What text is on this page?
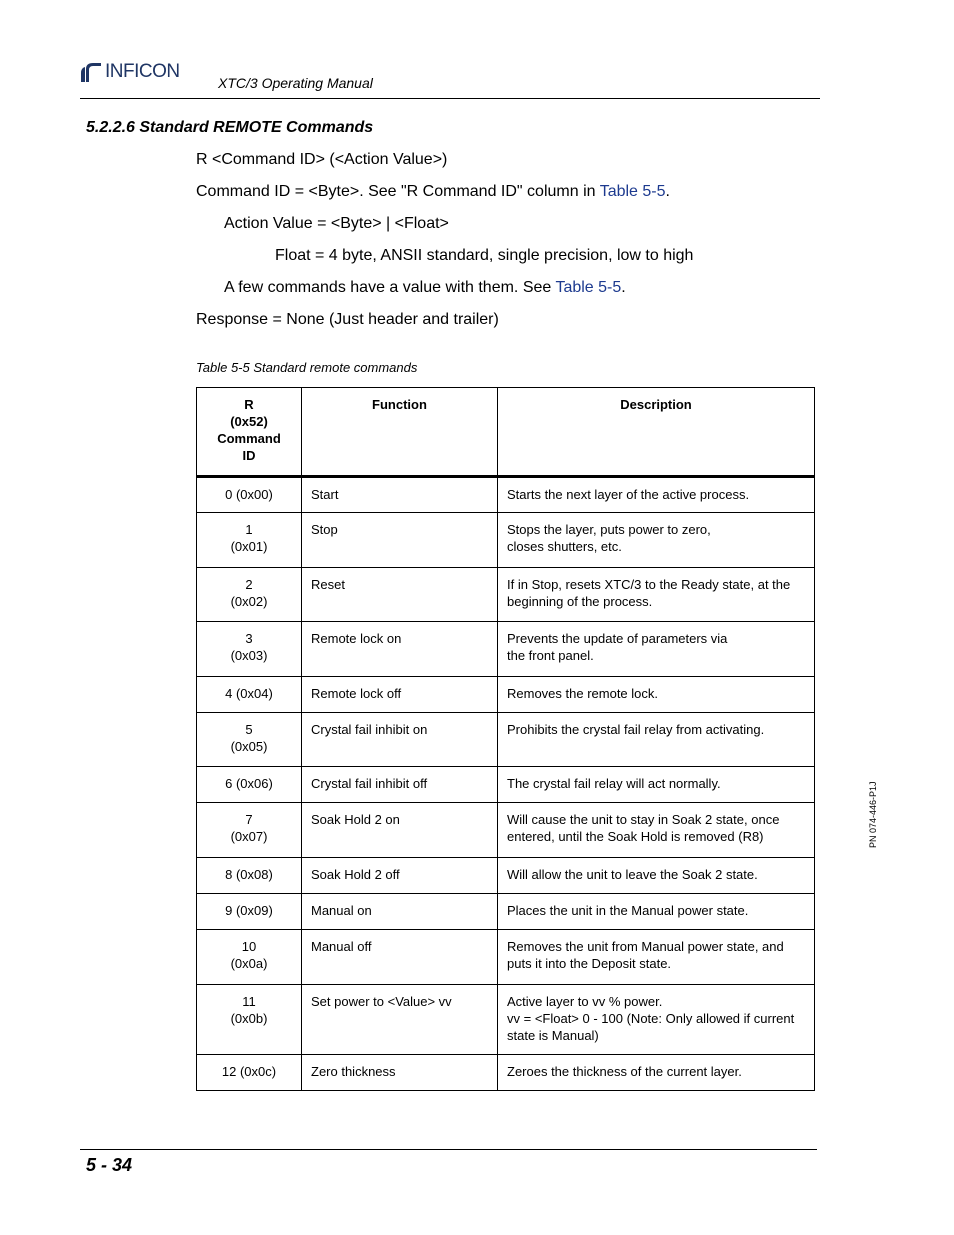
INFICON
XTC/3 Operating Manual
5.2.2.6 Standard REMOTE Commands
R <Command ID> (<Action Value>)
Command ID = <Byte>. See "R Command ID" column in Table 5-5.
Action Value = <Byte> | <Float>
Float = 4 byte, ANSII standard, single precision, low to high
A few commands have a value with them. See Table 5-5.
Response = None (Just header and trailer)
Table 5-5 Standard remote commands
R
(0x52)
Command
ID	Function	Description
0 (0x00)	Start	Starts the next layer of the active process.
1
(0x01)	Stop	Stops the layer, puts power to zero,
closes shutters, etc.
2
(0x02)	Reset	If in Stop, resets XTC/3 to the Ready state, at the beginning of the process.
3
(0x03)	Remote lock on	Prevents the update of parameters via
the front panel.
4 (0x04)	Remote lock off	Removes the remote lock.
5
(0x05)	Crystal fail inhibit on	Prohibits the crystal fail relay from activating.
6 (0x06)	Crystal fail inhibit off	The crystal fail relay will act normally.
7
(0x07)	Soak Hold 2 on	Will cause the unit to stay in Soak 2 state, once entered, until the Soak Hold is removed (R8)
8 (0x08)	Soak Hold 2 off	Will allow the unit to leave the Soak 2 state.
9 (0x09)	Manual on	Places the unit in the Manual power state.
10
(0x0a)	Manual off	Removes the unit from Manual power state, and puts it into the Deposit state.
11
(0x0b)	Set power to <Value> vv	Active layer to vv % power.
vv = <Float> 0 - 100 (Note: Only allowed if current state is Manual)
12 (0x0c)	Zero thickness	Zeroes the thickness of the current layer.
PN 074-446-P1J
5 - 34
